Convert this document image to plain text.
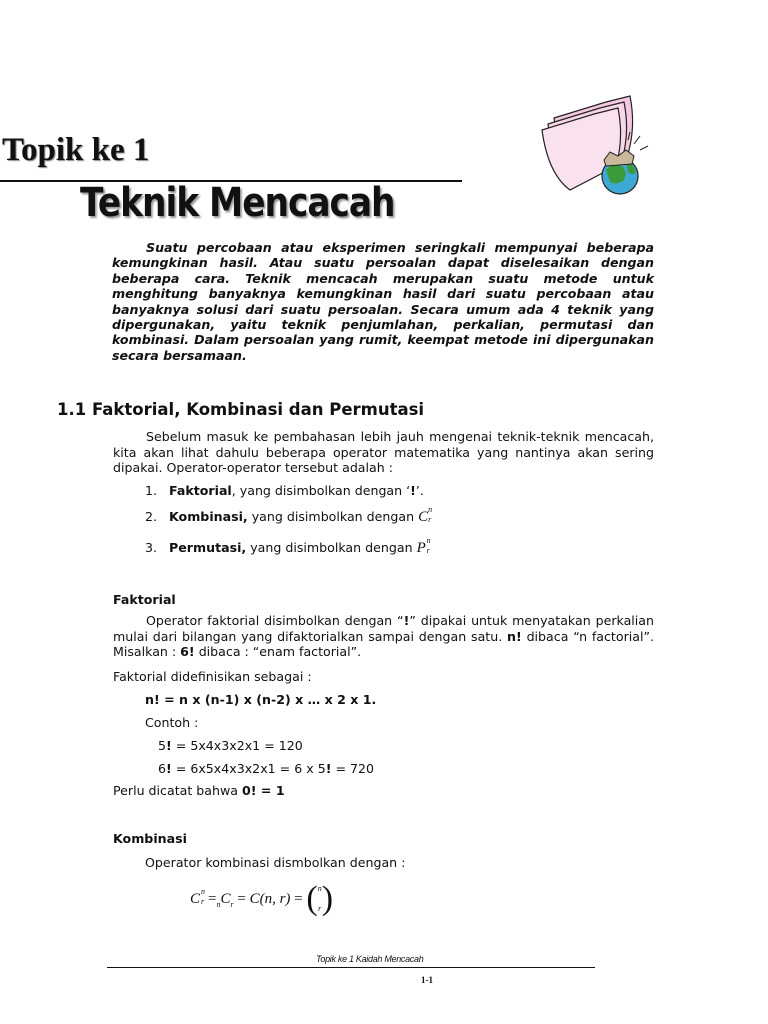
Topik ke 1
Teknik Mencacah
Suatu percobaan atau eksperimen seringkali mempunyai beberapa kemungkinan hasil. Atau suatu persoalan dapat diselesaikan dengan beberapa cara. Teknik mencacah merupakan suatu metode untuk menghitung banyaknya kemungkinan hasil dari suatu percobaan atau banyaknya solusi dari suatu persoalan. Secara umum ada 4 teknik yang dipergunakan, yaitu teknik penjumlahan, perkalian, permutasi dan kombinasi. Dalam persoalan yang rumit, keempat metode ini dipergunakan secara bersamaan.
1.1 Faktorial, Kombinasi dan Permutasi
Sebelum masuk ke pembahasan lebih jauh mengenai teknik-teknik mencacah, kita akan lihat dahulu beberapa operator matematika yang nantinya akan sering dipakai. Operator-operator tersebut adalah :
1. Faktorial, yang disimbolkan dengan ‘!’.
2. Kombinasi, yang disimbolkan dengan C n
r
3. Permutasi, yang disimbolkan dengan P n
r
Faktorial
Operator faktorial disimbolkan dengan “!” dipakai untuk menyatakan perkalian mulai dari bilangan yang difaktorialkan sampai dengan satu. n! dibaca “n factorial”. Misalkan : 6! dibaca : “enam factorial”.
Faktorial didefinisikan sebagai :
n! = n x (n-1) x (n-2) x … x 2 x 1.
Contoh :
5! = 5x4x3x2x1 = 120
6! = 6x5x4x3x2x1 = 6 x 5! = 720
Perlu dicatat bahwa 0! = 1
Kombinasi
Operator kombinasi dismbolkan dengan :
C n
$r =_n$ $C_r = C(n$, r) = ( n
r )
Topik ke 1 Kaidah Mencacah
1-1
